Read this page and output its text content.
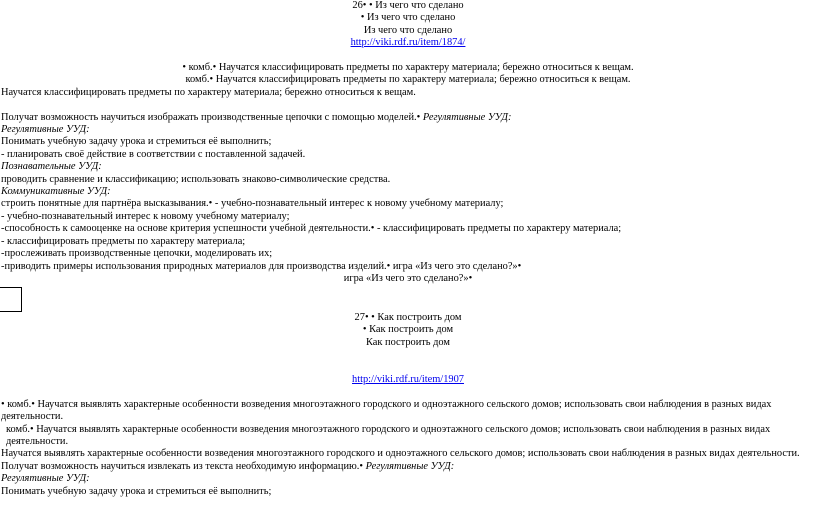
26• • Из чего что сделано
• Из чего что сделано
Из чего что сделано
http://viki.rdf.ru/item/1874/
• комб.• Научатся классифицировать предметы по характеру материала; бережно относиться к вещам.
комб.• Научатся классифицировать предметы по характеру материала; бережно относиться к вещам.
Научатся классифицировать предметы по характеру материала; бережно относиться к вещам.
Получат возможность научиться изображать производственные цепочки с помощью моделей.• Регулятивные УУД:
Регулятивные УУД:
Понимать учебную задачу урока и стремиться её выполнить;
- планировать своё действие в соответствии с поставленной задачей.
Познавательные УУД:
проводить сравнение и классификацию; использовать знаково-символические средства.
Коммуникативные УУД:
строить понятные для партнёра высказывания.• - учебно-познавательный интерес к новому учебному материалу;
- учебно-познавательный интерес к новому учебному материалу;
-способность к самооценке на основе критерия успешности учебной деятельности.• - классифицировать предметы по характеру материала;
- классифицировать предметы по характеру материала;
-прослеживать производственные цепочки, моделировать их;
-приводить примеры использования природных материалов для производства изделий.• игра «Из чего это сделано?»•
игра «Из чего это сделано?»•
27• • Как построить дом
• Как построить дом
Как построить дом
http://viki.rdf.ru/item/1907
• комб.• Научатся выявлять характерные особенности возведения многоэтажного городского и одноэтажного сельского домов; использовать свои наблюдения в разных видах деятельности.
комб.• Научатся выявлять характерные особенности возведения многоэтажного городского и одноэтажного сельского домов; использовать свои наблюдения в разных видах деятельности.
Научатся выявлять характерные особенности возведения многоэтажного городского и одноэтажного сельского домов; использовать свои наблюдения в разных видах деятельности.
Получат возможность научиться извлекать из текста необходимую информацию.• Регулятивные УУД:
Регулятивные УУД:
Понимать учебную задачу урока и стремиться её выполнить;
